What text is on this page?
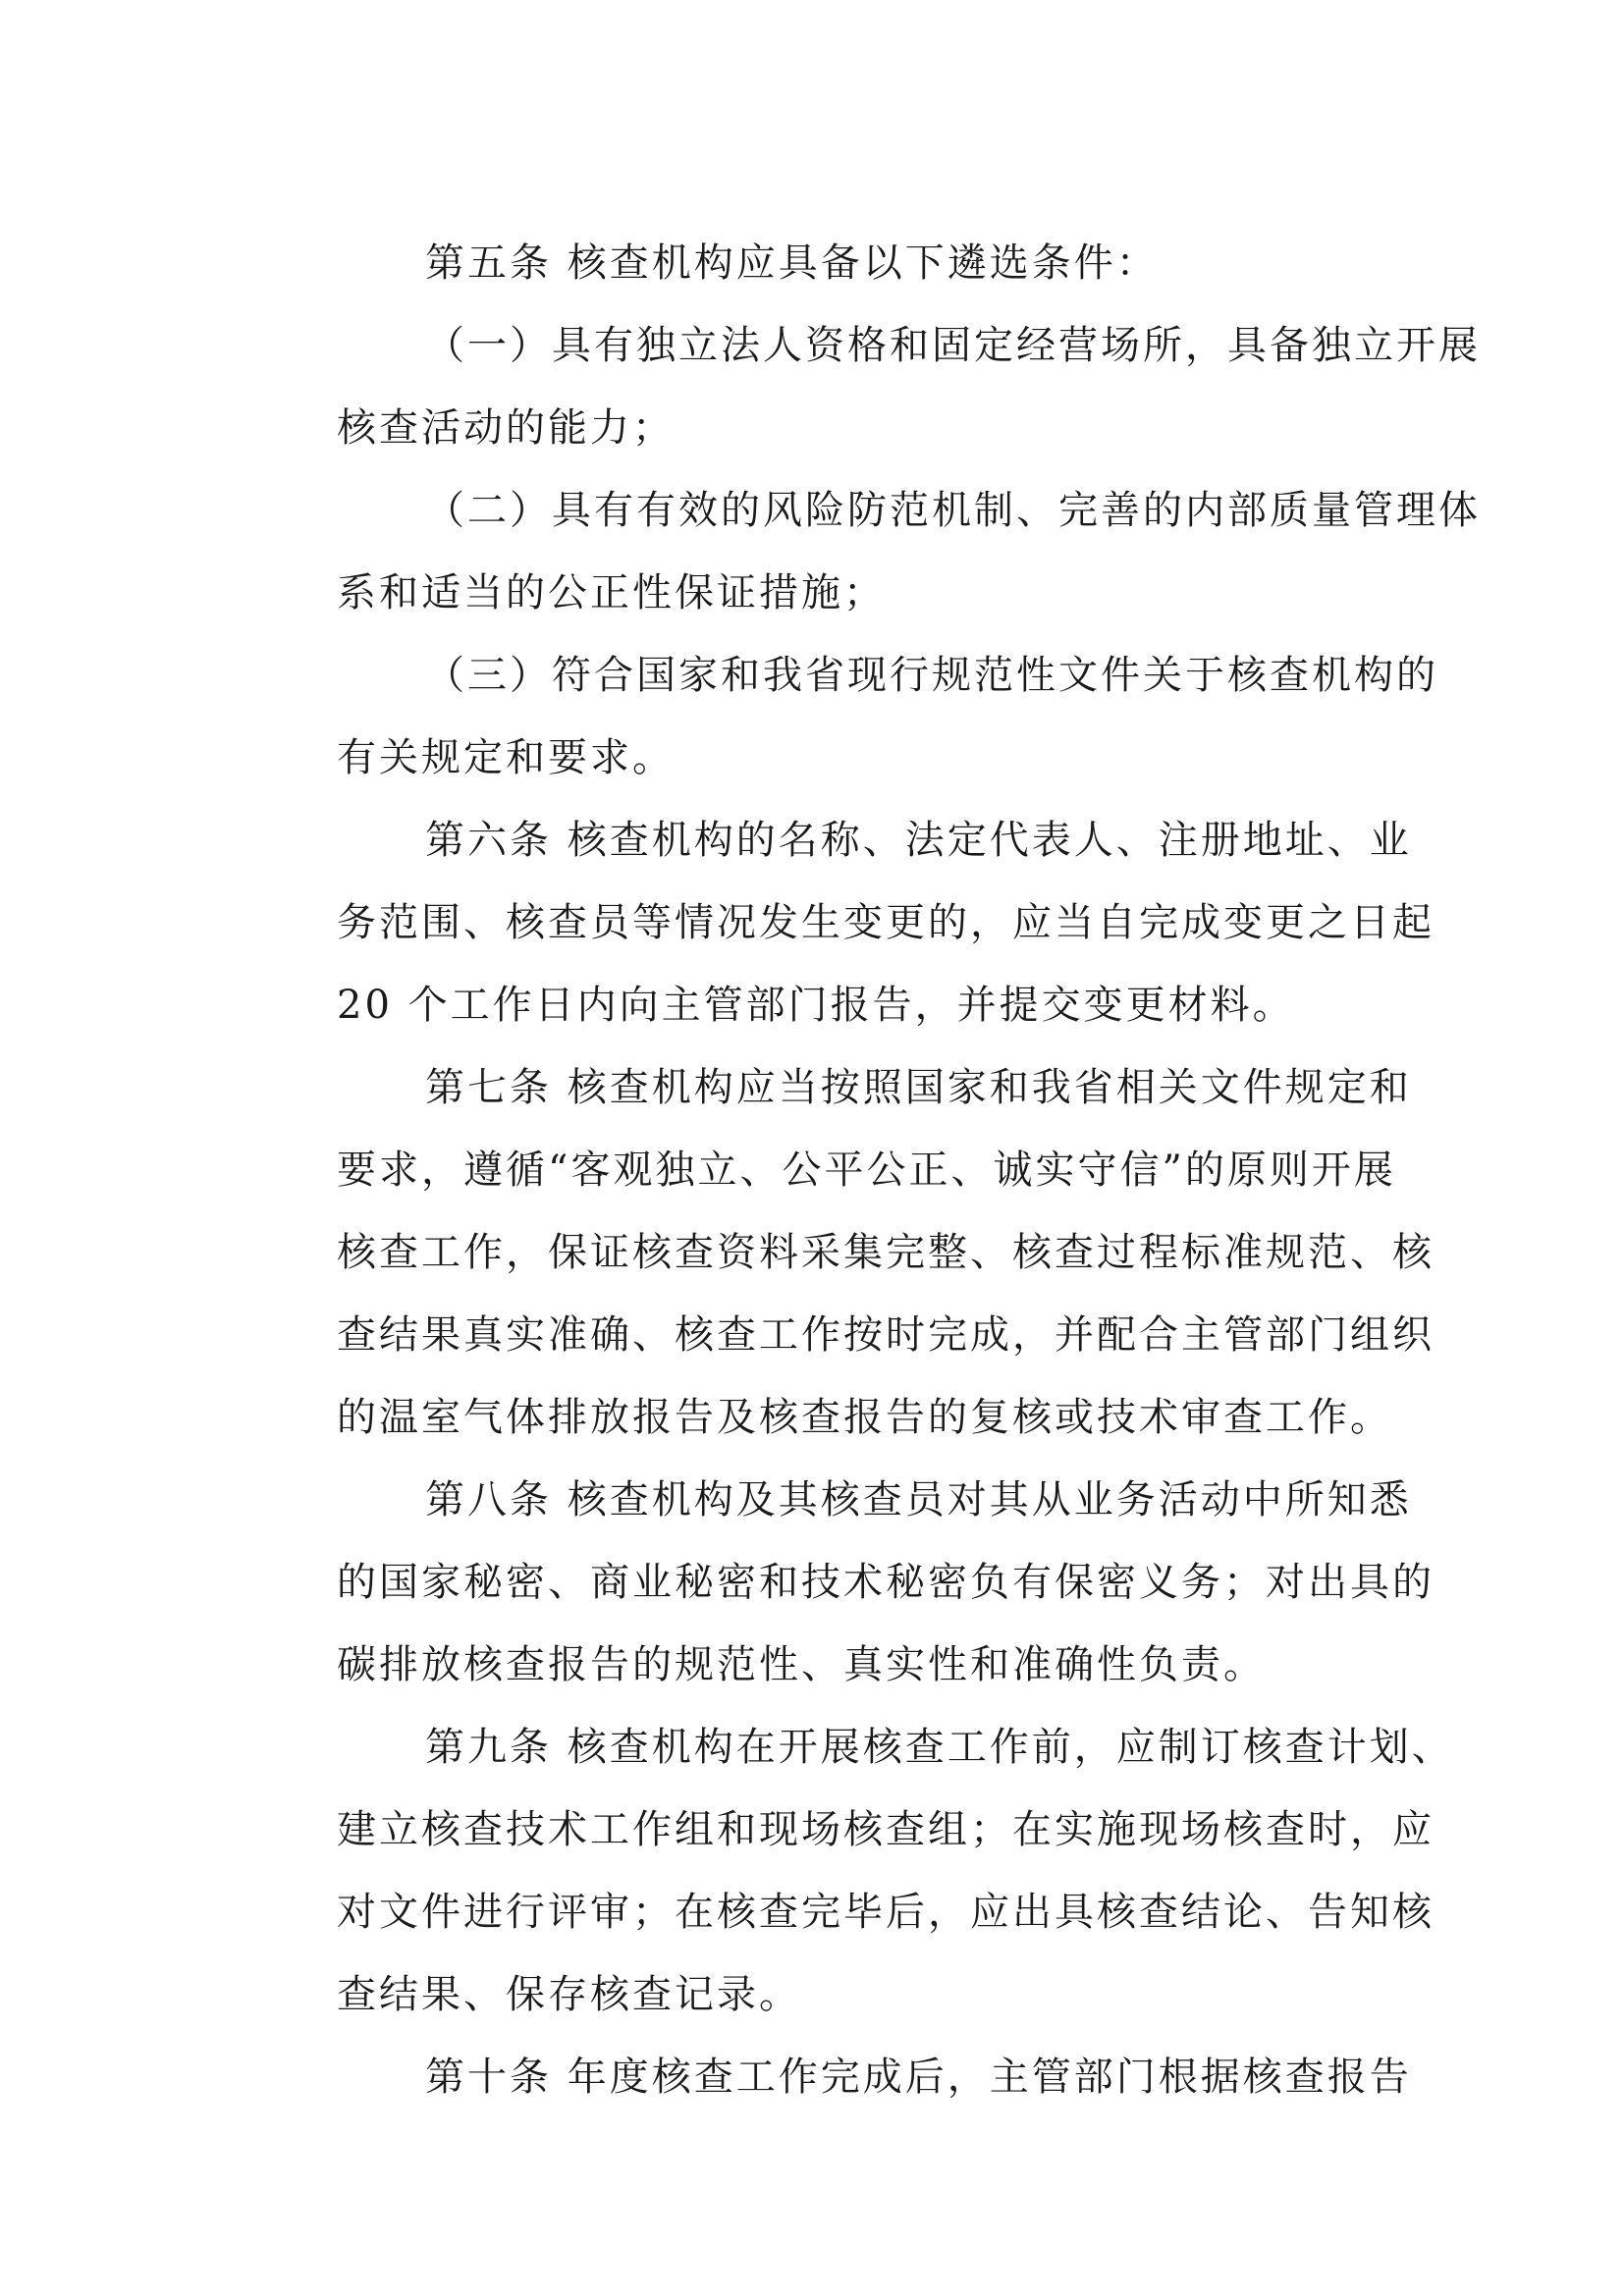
第五条 核查机构应具备以下遴选条件：
（一）具有独立法人资格和固定经营场所，具备独立开展
核查活动的能力；
（二）具有有效的风险防范机制、完善的内部质量管理体
系和适当的公正性保证措施；
（三）符合国家和我省现行规范性文件关于核查机构的
有关规定和要求。
第六条 核查机构的名称、法定代表人、注册地址、业
务范围、核查员等情况发生变更的，应当自完成变更之日起
20 个工作日内向主管部门报告，并提交变更材料。
第七条 核查机构应当按照国家和我省相关文件规定和
要求，遵循“客观独立、公平公正、诚实守信”的原则开展
核查工作，保证核查资料采集完整、核查过程标准规范、核
查结果真实准确、核查工作按时完成，并配合主管部门组织
的温室气体排放报告及核查报告的复核或技术审查工作。
第八条 核查机构及其核查员对其从业务活动中所知悉
的国家秘密、商业秘密和技术秘密负有保密义务；对出具的
碳排放核查报告的规范性、真实性和准确性负责。
第九条 核查机构在开展核查工作前，应制订核查计划、
建立核查技术工作组和现场核查组；在实施现场核查时，应
对文件进行评审；在核查完毕后，应出具核查结论、告知核
查结果、保存核查记录。
第十条 年度核查工作完成后，主管部门根据核查报告
